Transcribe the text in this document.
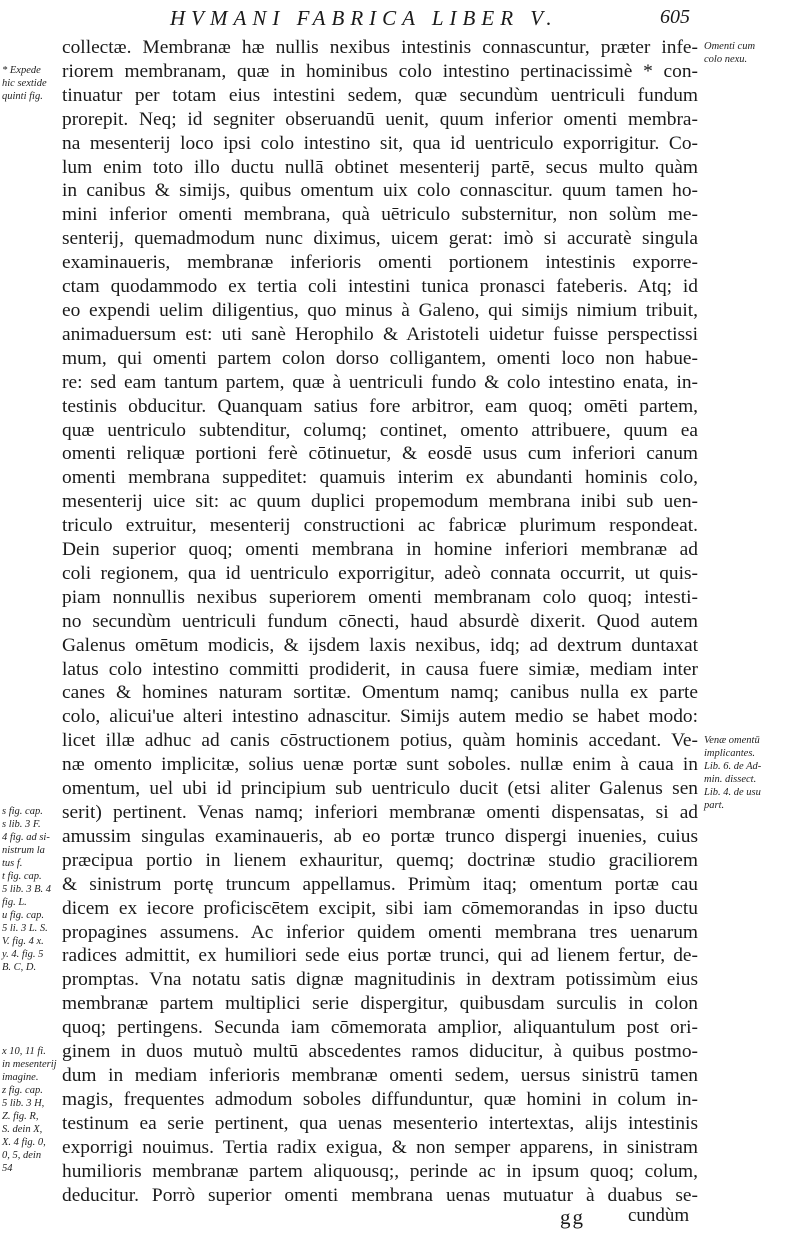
HVMANI FABRICA LIBER V.	605
collectæ. Membranæ hæ nullis nexibus intestinis connascuntur, præter infe-
riorem membranam, quæ in hominibus colo intestino pertinacissimè * con-
tinuatur per totam eius intestini sedem, quæ secundùm uentriculi fundum
prorepit. Neq; id segniter obseruandū uenit, quum inferior omenti membra-
na mesenterij loco ipsi colo intestino sit, qua id uentriculo exporrigitur. Co-
lum enim toto illo ductu nullā obtinet mesenterij partē, secus multo quàm
in canibus & simijs, quibus omentum uix colo connascitur. quum tamen ho-
mini inferior omenti membrana, quà uētriculo substernitur, non solùm me-
senterij, quemadmodum nunc diximus, uicem gerat: imò si accuratè singula
examinaueris, membranæ inferioris omenti portionem intestinis exporre-
ctam quodammodo ex tertia coli intestini tunica pronasci fateberis. Atq; id
eo expendi uelim diligentius, quo minus à Galeno, qui simijs nimium tribuit,
animaduersum est: uti sanè Herophilo & Aristoteli uidetur fuisse perspectissi
mum, qui omenti partem colon dorso colligantem, omenti loco non habue-
re: sed eam tantum partem, quæ à uentriculi fundo & colo intestino enata, in-
testinis obducitur. Quanquam satius fore arbitror, eam quoq; omēti partem,
quæ uentriculo subtenditur, columq; continet, omento attribuere, quum ea
omenti reliquæ portioni ferè cōtinuetur, & eosdē usus cum inferiori canum
omenti membrana suppeditet: quamuis interim ex abundanti hominis colo,
mesenterij uice sit: ac quum duplici propemodum membrana inibi sub uen-
triculo extruitur, mesenterij constructioni ac fabricæ plurimum respondeat.
Dein superior quoq; omenti membrana in homine inferiori membranæ ad
coli regionem, qua id uentriculo exporrigitur, adeò connata occurrit, ut quis-
piam nonnullis nexibus superiorem omenti membranam colo quoq; intesti-
no secundùm uentriculi fundum cōnecti, haud absurdè dixerit. Quod autem
Galenus omētum modicis, & ijsdem laxis nexibus, idq; ad dextrum duntaxat
latus colo intestino committi prodiderit, in causa fuere simiæ, mediam inter
canes & homines naturam sortitæ. Omentum namq; canibus nulla ex parte
colo, alicui'ue alteri intestino adnascitur. Simijs autem medio se habet modo:
licet illæ adhuc ad canis cōstructionem potius, quàm hominis accedant. Ve-
næ omento implicitæ, solius uenæ portæ sunt soboles. nullæ enim à caua in
omentum, uel ubi id principium sub uentriculo ducit (etsi aliter Galenus sen
serit) pertinent. Venas namq; inferiori membranæ omenti dispensatas, si ad
amussim singulas examinaueris, ab eo portæ trunco dispergi inuenies, cuius
præcipua portio in lienem exhauritur, quemq; doctrinæ studio graciliorem
& sinistrum portę truncum appellamus. Primùm itaq; omentum portæ cau
dicem ex iecore proficiscētem excipit, sibi iam cōmemorandas in ipso ductu
propagines assumens. Ac inferior quidem omenti membrana tres uenarum
radices admittit, ex humiliori sede eius portæ trunci, qui ad lienem fertur, de-
promptas. Vna notatu satis dignæ magnitudinis in dextram potissimùm eius
membranæ partem multiplici serie dispergitur, quibusdam surculis in colon
quoq; pertingens. Secunda iam cōmemorata amplior, aliquantulum post ori-
ginem in duos mutuò multū abscedentes ramos diducitur, à quibus postmo-
dum in mediam inferioris membranæ omenti sedem, uersus sinistrū tamen
magis, frequentes admodum soboles diffunduntur, quæ homini in colum in-
testinum ea serie pertinent, qua uenas mesenterio intertextas, alijs intestinis
exporrigi nouimus. Tertia radix exigua, & non semper apparens, in sinistram
humilioris membranæ partem aliquousq;, perinde ac in ipsum quoq; colum,
deducitur. Porrò superior omenti membrana uenas mutuatur à duabus se-
Omenti cum
colo nexu.
Venæ omentū
implicantes.
Lib. 6. de Ad-
min. dissect.
Lib. 4. de usu
part.
* Expede
hic sextide
quinti fig.
s fig. cap.
s lib. 3 F.
4 fig. ad si-
nistrum la
tus f.
t fig. cap.
5 lib. 3 B. 4
fig. L.
u fig. cap.
5 li. 3 L. S.
V. fig. 4 x.
y. 4. fig. 5
B. C, D.
x 10, 11 fi.
in mesenterij
imagine.
z fig. cap.
5 lib. 3 H,
Z. fig. R,
S. dein X,
X. 4 fig. 0,
0, 5, dein
54
gg cundùm
